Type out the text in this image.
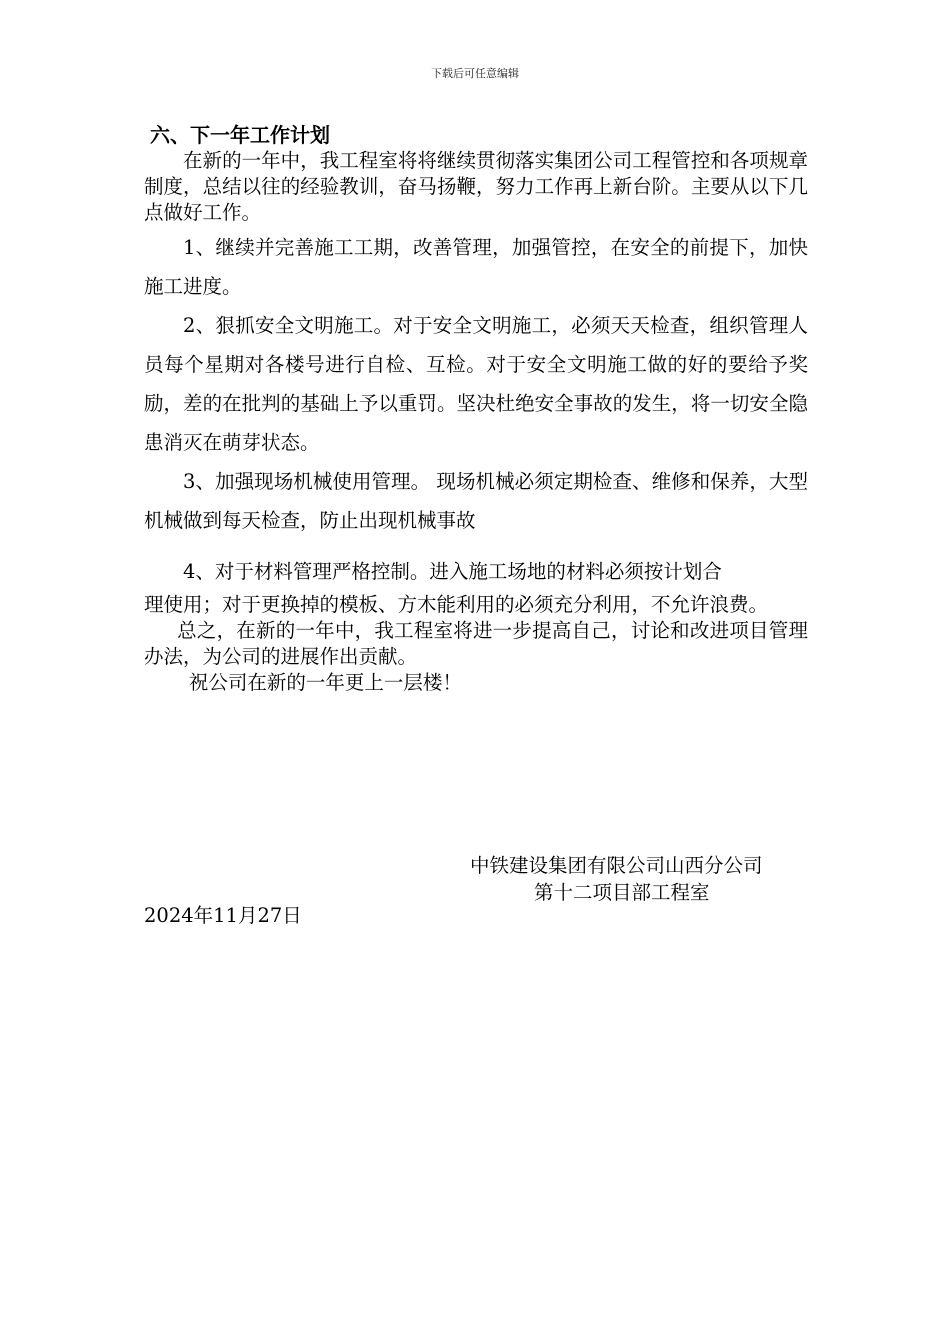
下载后可任意编辑
六、下一年工作计划

在新的一年中，我工程室将将继续贯彻落实集团公司工程管控和各项规章制度，总结以往的经验教训，奋马扬鞭，努力工作再上新台阶。主要从以下几点做好工作。

1、继续并完善施工工期，改善管理，加强管控，在安全的前提下，加快施工进度。

2、狠抓安全文明施工。对于安全文明施工，必须天天检查，组织管理人员每个星期对各楼号进行自检、互检。对于安全文明施工做的好的要给予奖励，差的在批判的基础上予以重罚。坚决杜绝安全事故的发生，将一切安全隐患消灭在萌芽状态。

3、加强现场机械使用管理。 现场机械必须定期检查、维修和保养，大型机械做到每天检查，防止出现机械事故

4、对于材料管理严格控制。进入施工场地的材料必须按计划合
理使用；对于更换掉的模板、方木能利用的必须充分利用，不允许浪费。

总之，在新的一年中，我工程室将进一步提高自己，讨论和改进项目管理办法，为公司的进展作出贡献。

祝公司在新的一年更上一层楼！

中铁建设集团有限公司山西分公司
第十二项目部工程室
2024年11月27日
